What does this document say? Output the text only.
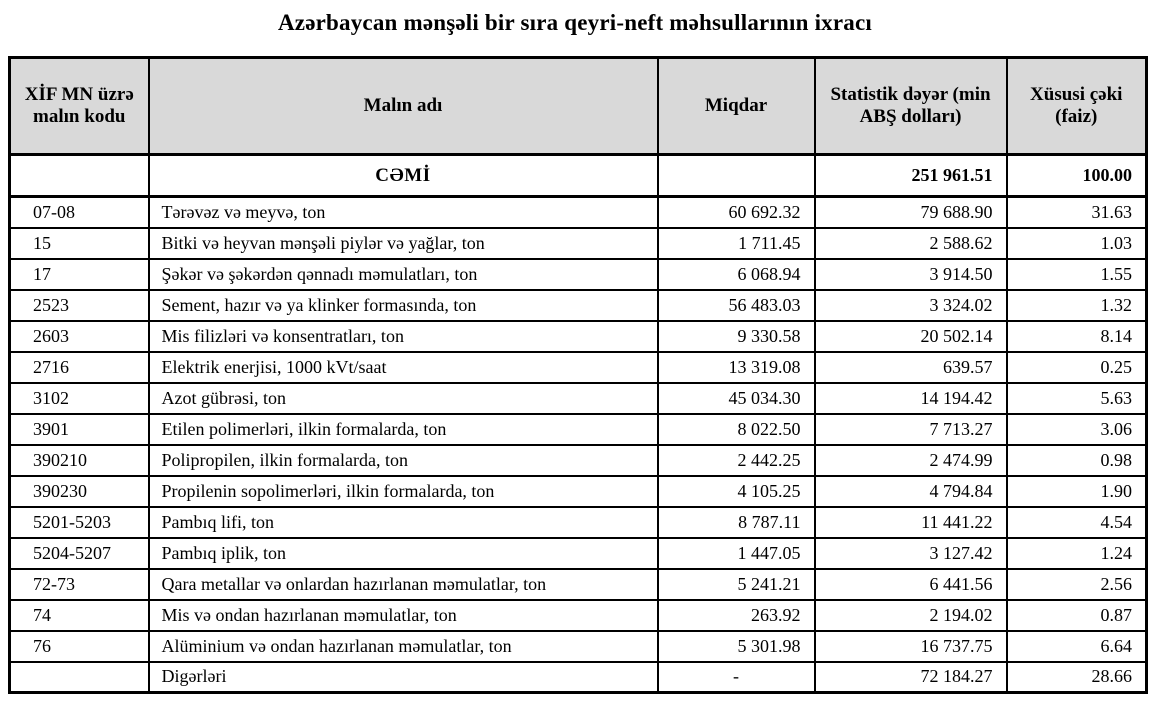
Azərbaycan mənşəli bir sıra qeyri-neft məhsullarının ixracı
XİF MN üzrə malın kodu	Malın adı	Miqdar	Statistik dəyər (min ABŞ dolları)	Xüsusi çəki (faiz)
	CƏMİ		251 961.51	100.00
07-08	Tərəvəz və meyvə, ton	60 692.32	79 688.90	31.63
15	Bitki və heyvan mənşəli piylər və yağlar, ton	1 711.45	2 588.62	1.03
17	Şəkər və şəkərdən qənnadı məmulatları, ton	6 068.94	3 914.50	1.55
2523	Sement, hazır və ya klinker formasında, ton	56 483.03	3 324.02	1.32
2603	Mis filizləri və konsentratları, ton	9 330.58	20 502.14	8.14
2716	Elektrik enerjisi, 1000 kVt/saat	13 319.08	639.57	0.25
3102	Azot gübrəsi, ton	45 034.30	14 194.42	5.63
3901	Etilen polimerləri, ilkin formalarda, ton	8 022.50	7 713.27	3.06
390210	Polipropilen, ilkin formalarda, ton	2 442.25	2 474.99	0.98
390230	Propilenin sopolimerləri, ilkin formalarda, ton	4 105.25	4 794.84	1.90
5201-5203	Pambıq lifi, ton	8 787.11	11 441.22	4.54
5204-5207	Pambıq iplik, ton	1 447.05	3 127.42	1.24
72-73	Qara metallar və onlardan hazırlanan məmulatlar, ton	5 241.21	6 441.56	2.56
74	Mis və ondan hazırlanan məmulatlar, ton	263.92	2 194.02	0.87
76	Alüminium və ondan hazırlanan məmulatlar, ton	5 301.98	16 737.75	6.64
	Digərləri	-	72 184.27	28.66
